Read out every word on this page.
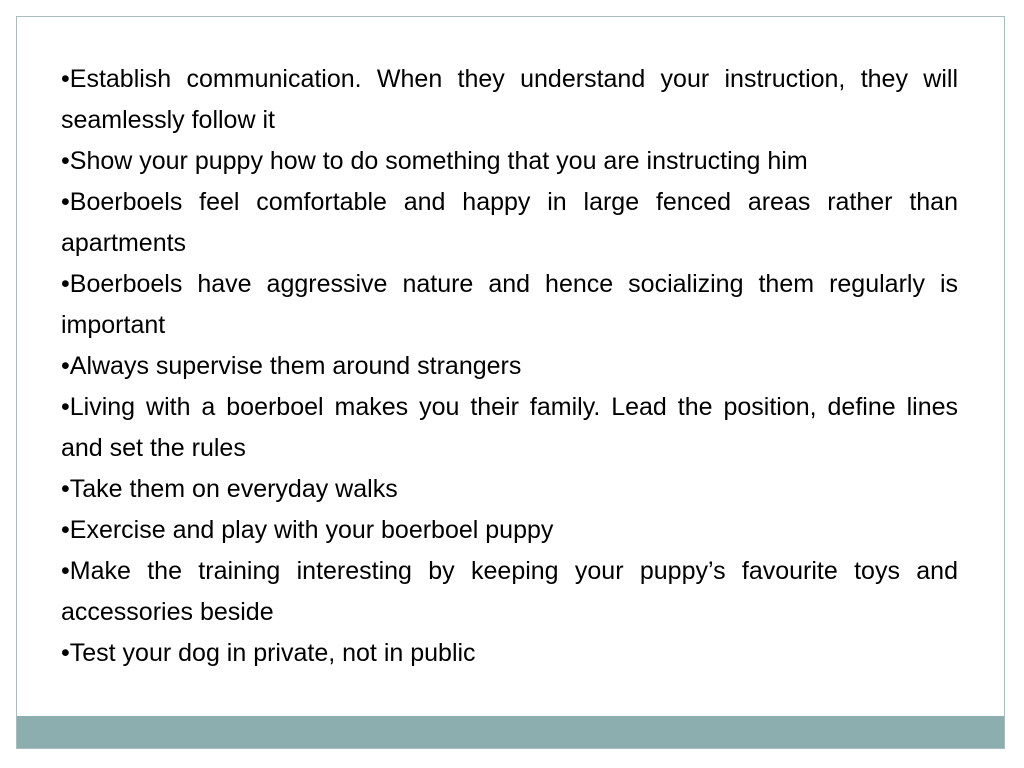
•Establish communication. When they understand your instruction, they will seamlessly follow it
•Show your puppy how to do something that you are instructing him
•Boerboels feel comfortable and happy in large fenced areas rather than apartments
•Boerboels have aggressive nature and hence socializing them regularly is important
•Always supervise them around strangers
•Living with a boerboel makes you their family. Lead the position, define lines and set the rules
•Take them on everyday walks
•Exercise and play with your boerboel puppy
•Make the training interesting by keeping your puppy’s favourite toys and accessories beside
•Test your dog in private, not in public
